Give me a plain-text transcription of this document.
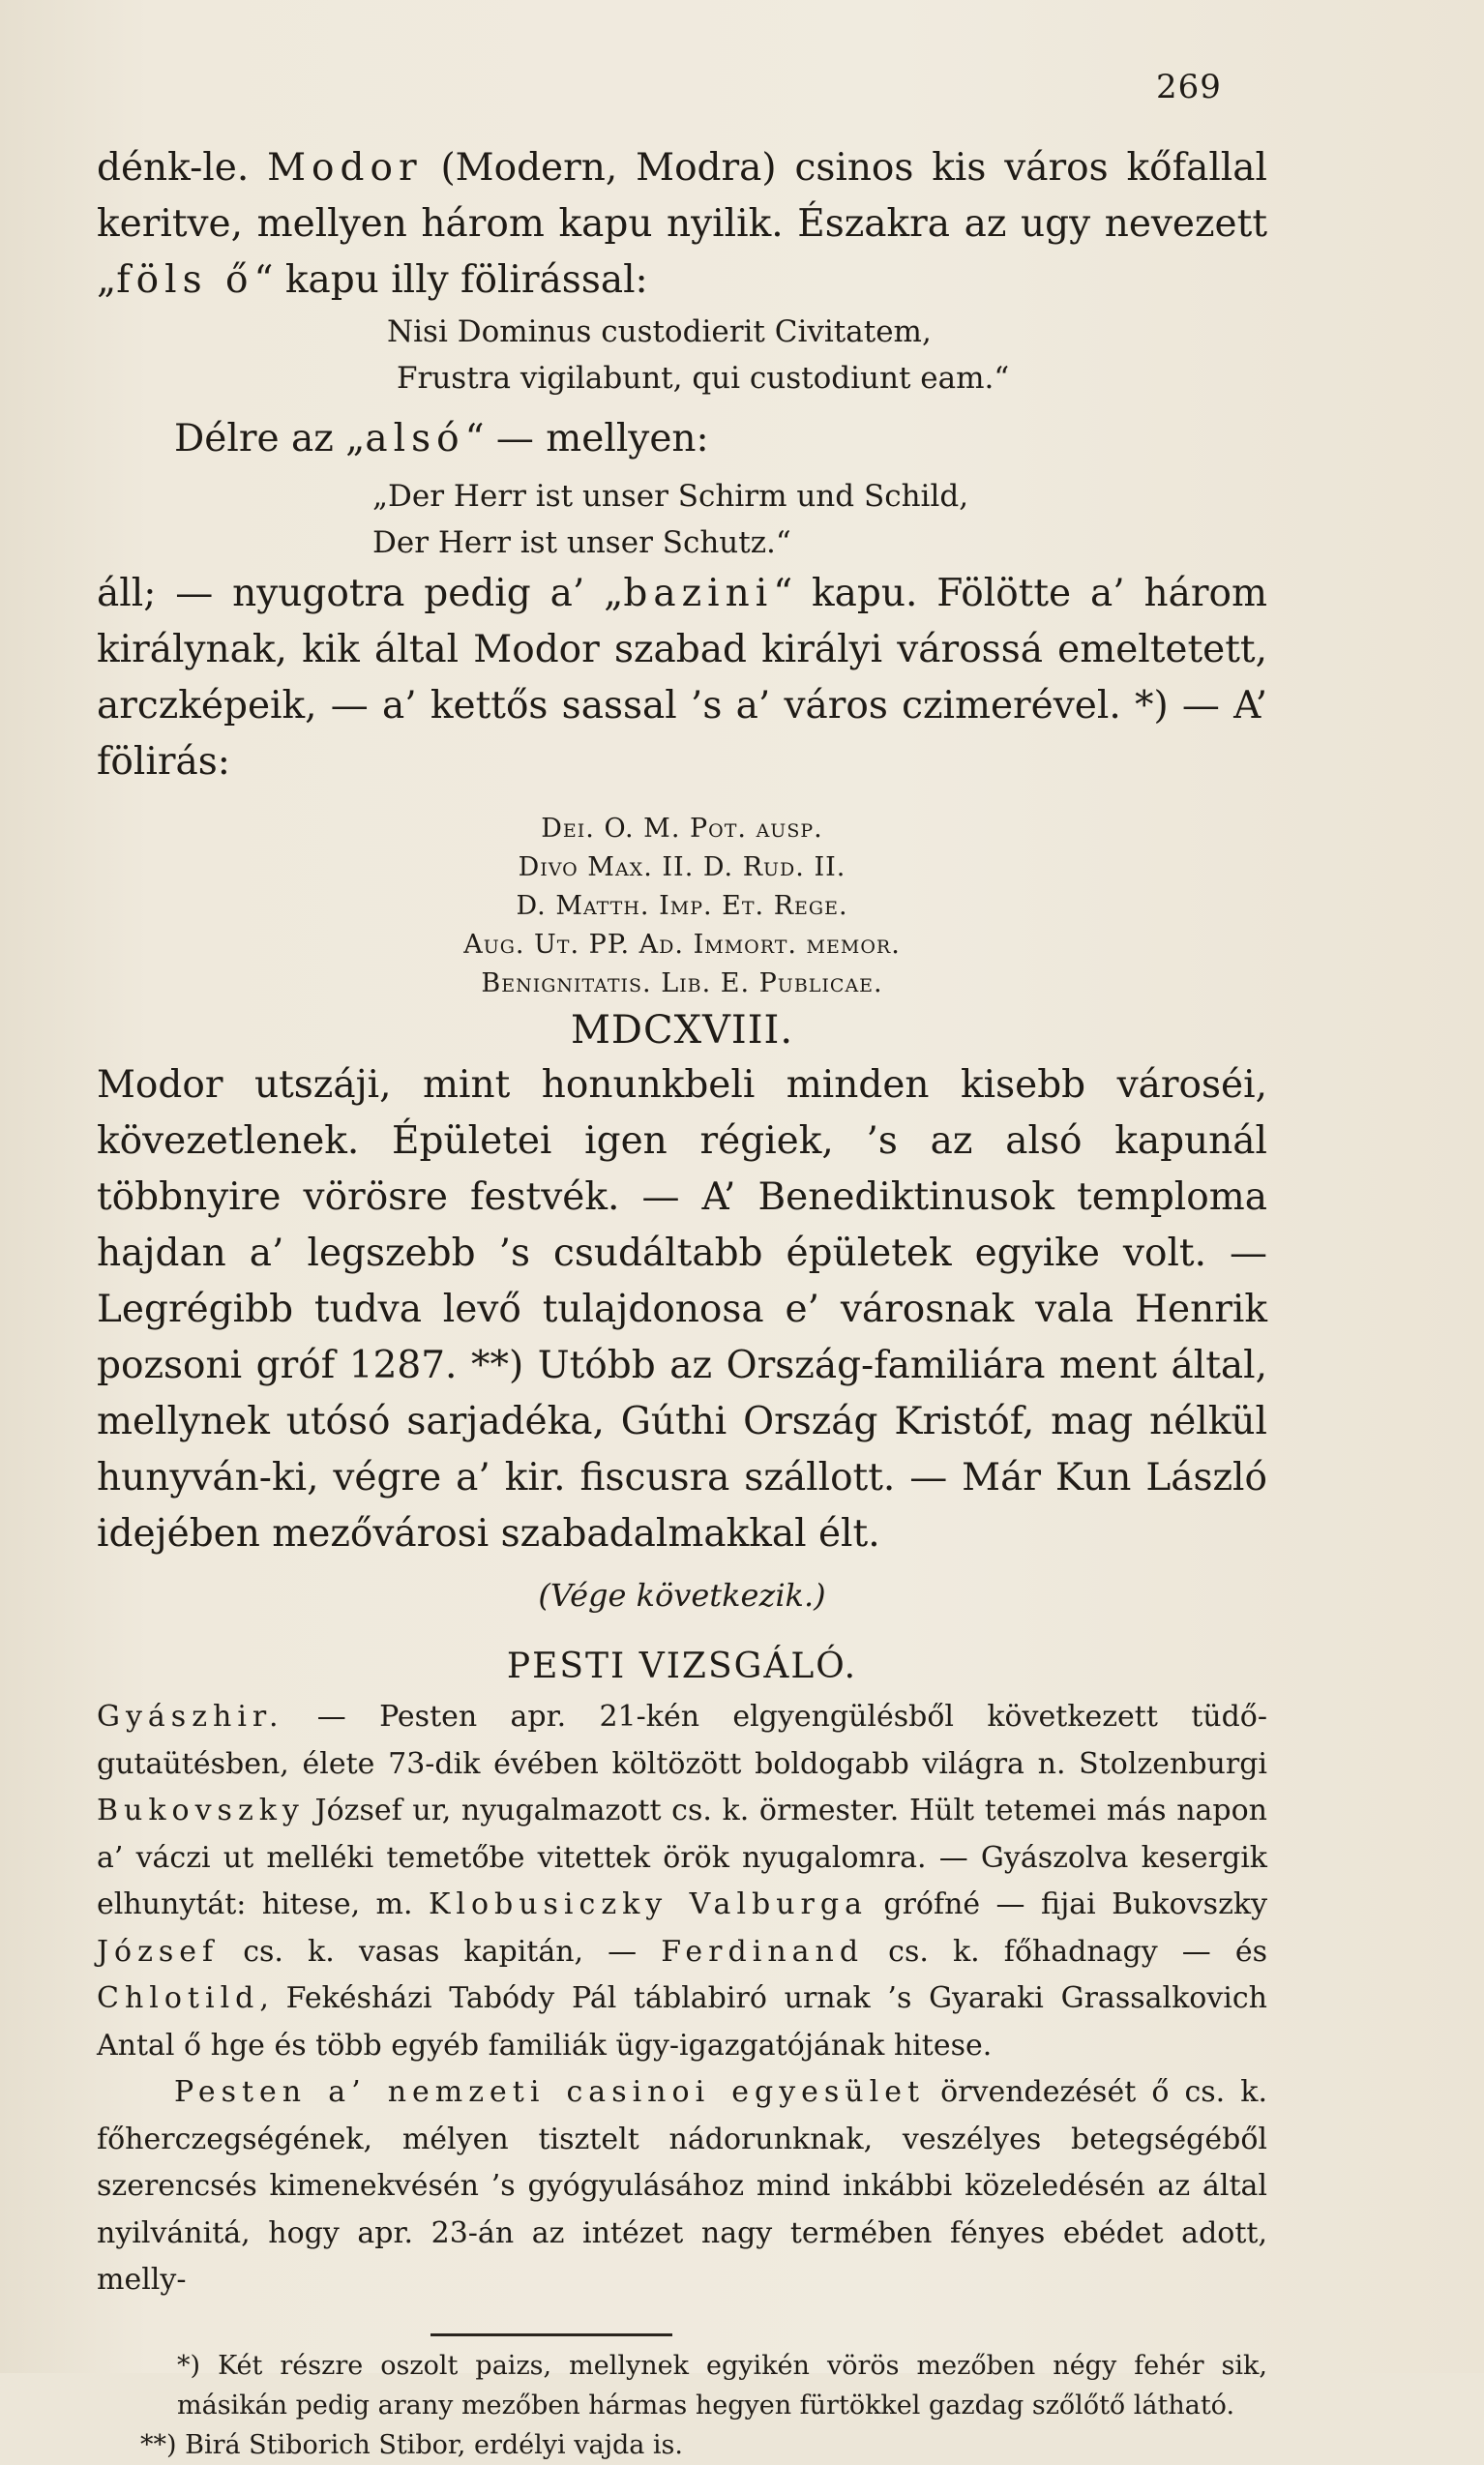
269

dénk-le. Modor (Modern, Modra) csinos kis város kőfallal keritve, mellyen három kapu nyilik. Északra az ugy nevezett „föls ő“ kapu illy fölirással:

Nisi Dominus custodierit Civitatem,
Frustra vigilabunt, qui custodiunt eam.“

Délre az „alsó“ — mellyen:

„Der Herr ist unser Schirm und Schild,
Der Herr ist unser Schutz.“

áll; — nyugotra pedig a’ „bazini“ kapu. Fölötte a’ három királynak, kik által Modor szabad királyi várossá emeltetett, arczképeik, — a’ kettős sassal ’s a’ város czimerével. *) — A’ fölirás:

Dei. O. M. Pot. ausp.
Divo Max. II. D. Rud. II.
D. Matth. Imp. Et. Rege.
Aug. Ut. PP. Ad. Immort. memor.
Benignitatis. Lib. E. Publicae.
MDCXVIII.

Modor utszáji, mint honunkbeli minden kisebb városéi, kövezetlenek. Épületei igen régiek, ’s az alsó kapunál többnyire vörösre festvék. — A’ Benediktinusok temploma hajdan a’ legszebb ’s csudáltabb épületek egyike volt. — Legrégibb tudva levő tulajdonosa e’ városnak vala Henrik pozsoni gróf 1287. **) Utóbb az Ország-familiára ment által, mellynek utósó sarjadéka, Gúthi Ország Kristóf, mag nélkül hunyván-ki, végre a’ kir. fiscusra szállott. — Már Kun László idejében mezővárosi szabadalmakkal élt.

(Vége következik.)
PESTI VIZSGÁLÓ.

Gyászhir. — Pesten apr. 21-kén elgyengülésből következett tüdő-gutaütésben, élete 73-dik évében költözött boldogabb világra n. Stolzenburgi Bukovszky József ur, nyugalmazott cs. k. örmester. Hült tetemei más napon a’ váczi ut melléki temetőbe vitettek örök nyugalomra. — Gyászolva kesergik elhunytát: hitese, m. Klobusiczky Valburga grófné — fijai Bukovszky József cs. k. vasas kapitán, — Ferdinand cs. k. főhadnagy — és Chlotild, Fekésházi Tabódy Pál táblabiró urnak ’s Gyaraki Grassalkovich Antal ő hge és több egyéb familiák ügy-igazgatójának hitese.

Pesten a’ nemzeti casinoi egyesület örvendezését ő cs. k. főherczegségének, mélyen tisztelt nádorunknak, veszélyes betegségéből szerencsés kimenekvésén ’s gyógyulásához mind inkábbi közeledésén az által nyilvánitá, hogy apr. 23-án az intézet nagy termében fényes ebédet adott, melly-

*) Két részre oszolt paizs, mellynek egyikén vörös mezőben négy fehér sik, másikán pedig arany mezőben hármas hegyen fürtökkel gazdag szőlőtő látható.

**) Birá Stiborich Stibor, erdélyi vajda is.
